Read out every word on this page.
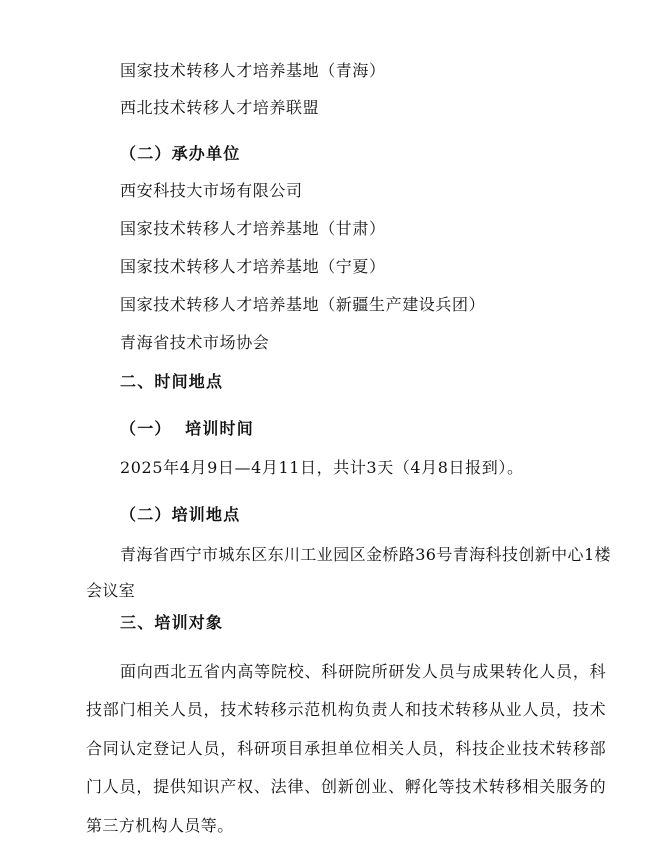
国家技术转移人才培养基地（青海）
西北技术转移人才培养联盟
（二）承办单位
西安科技大市场有限公司
国家技术转移人才培养基地（甘肃）
国家技术转移人才培养基地（宁夏）
国家技术转移人才培养基地（新疆生产建设兵团）
青海省技术市场协会
二、时间地点
（一）  培训时间
2025年4月9日—4月11日，共计3天（4月8日报到）。
（二）培训地点
青海省西宁市城东区东川工业园区金桥路36号青海科技创新中心1楼会议室
三、培训对象
面向西北五省内高等院校、科研院所研发人员与成果转化人员，科技部门相关人员，技术转移示范机构负责人和技术转移从业人员，技术合同认定登记人员，科研项目承担单位相关人员，科技企业技术转移部门人员，提供知识产权、法律、创新创业、孵化等技术转移相关服务的第三方机构人员等。
